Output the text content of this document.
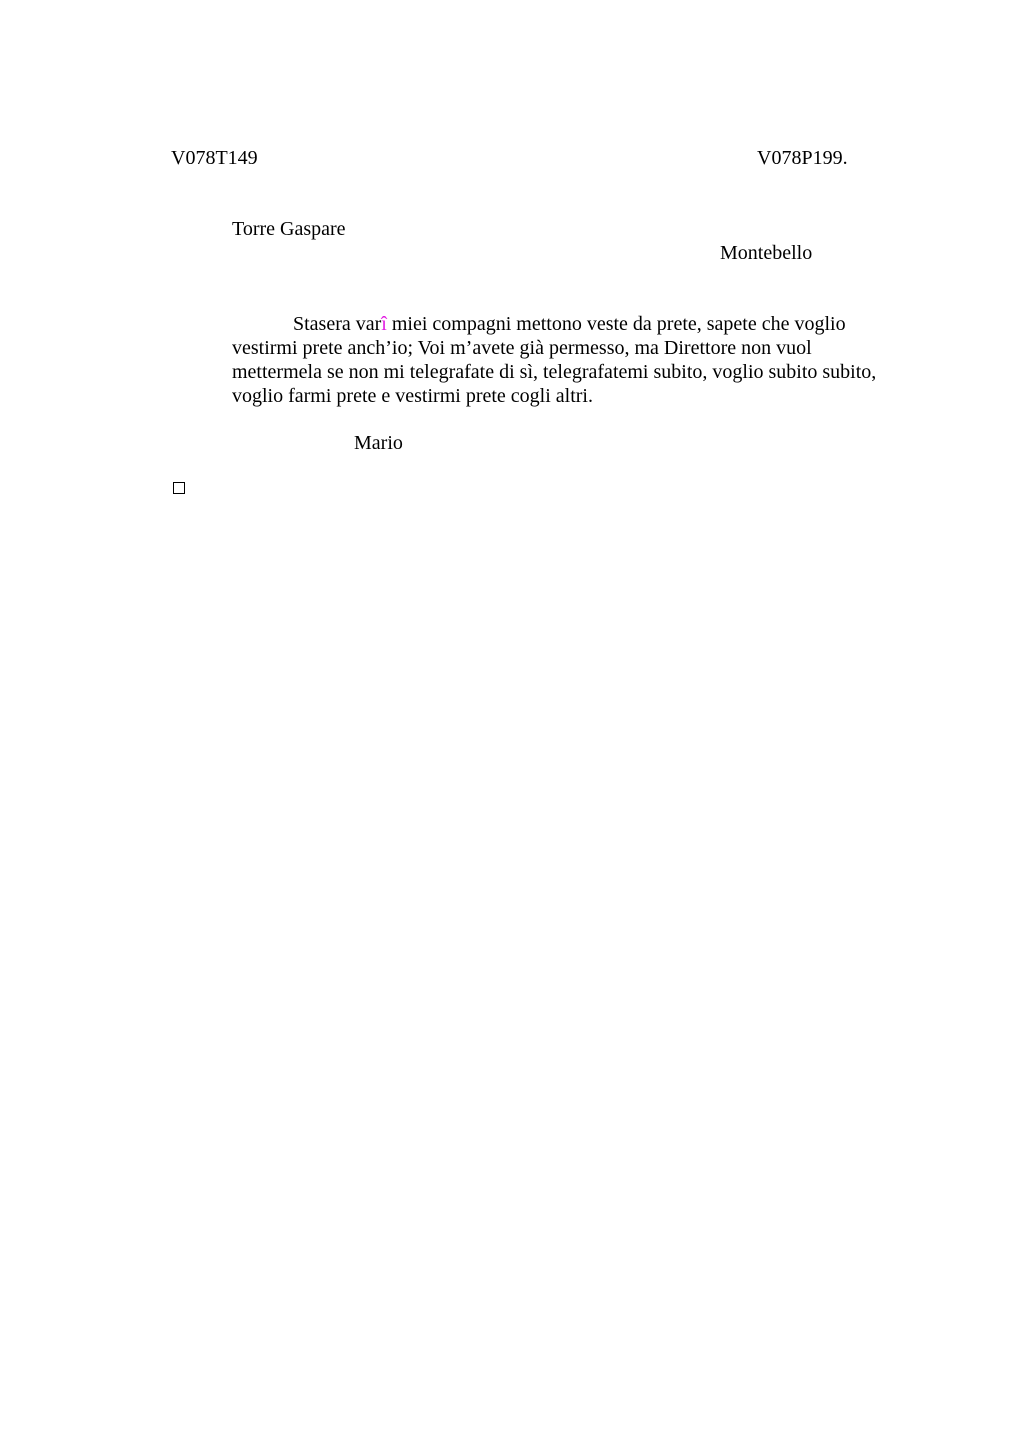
V078T149	V078P199.
Torre Gaspare
Montebello
Stasera varî miei compagni mettono veste da prete, sapete che voglio
vestirmi prete anch’io; Voi m’avete già permesso, ma Direttore non vuol
mettermela se non mi telegrafate di sì, telegrafatemi subito, voglio subito subito,
voglio farmi prete e vestirmi prete cogli altri.
Mario
